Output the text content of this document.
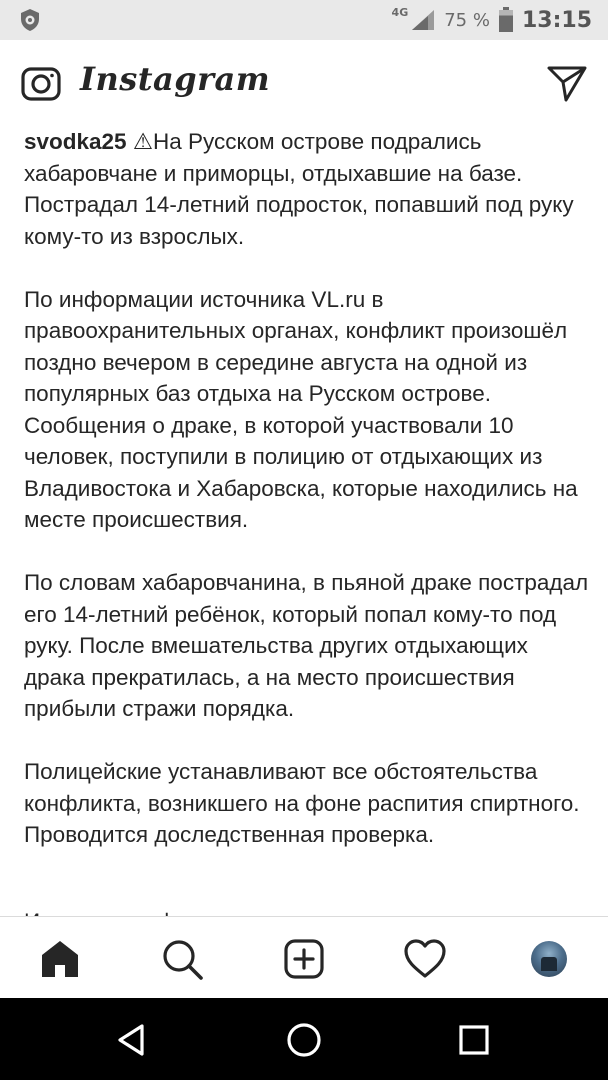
4G 75 % 13:15
Instagram

svodka25 ⚠На Русском острове подрались хабаровчане и приморцы, отдыхавшие на базе. Пострадал 14-летний подросток, попавший под руку кому-то из взрослых.

По информации источника VL.ru в правоохранительных органах, конфликт произошёл поздно вечером в середине августа на одной из популярных баз отдыха на Русском острове. Сообщения о драке, в которой участвовали 10 человек, поступили в полицию от отдыхающих из Владивостока и Хабаровска, которые находились на месте происшествия.

По словам хабаровчанина, в пьяной драке пострадал его 14-летний ребёнок, который попал кому-то под руку. После вмешательства других отдыхающих драка прекратилась, а на место происшествия прибыли стражи порядка.

Полицейские устанавливают все обстоятельства конфликта, возникшего на фоне распития спиртного. Проводится доследственная проверка.
